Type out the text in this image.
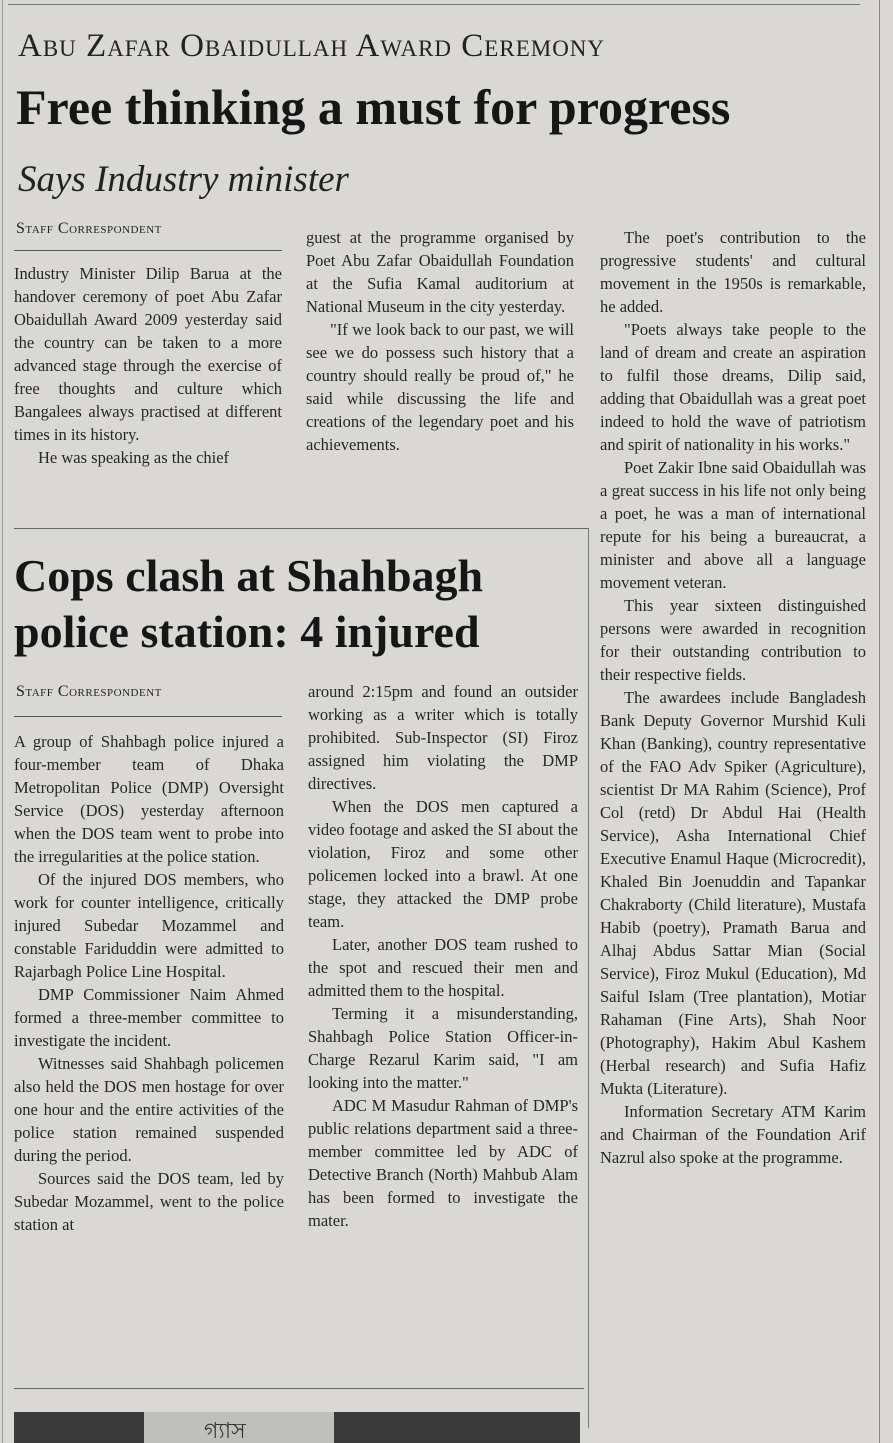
Abu Zafar Obaidullah Award Ceremony
Free thinking a must for progress
Says Industry minister
Staff Correspondent

Industry Minister Dilip Barua at the handover ceremony of poet Abu Zafar Obaidullah Award 2009 yesterday said the country can be taken to a more advanced stage through the exercise of free thoughts and culture which Bangalees always practised at different times in its history.

He was speaking as the chief

guest at the programme organised by Poet Abu Zafar Obaidullah Foundation at the Sufia Kamal auditorium at National Museum in the city yesterday.

"If we look back to our past, we will see we do possess such history that a country should really be proud of," he said while discussing the life and creations of the legendary poet and his achievements.

The poet's contribution to the progressive students' and cultural movement in the 1950s is remarkable, he added.

"Poets always take people to the land of dream and create an aspiration to fulfil those dreams, Dilip said, adding that Obaidullah was a great poet indeed to hold the wave of patriotism and spirit of nationality in his works."

Poet Zakir Ibne said Obaidullah was a great success in his life not only being a poet, he was a man of international repute for his being a bureaucrat, a minister and above all a language movement veteran.

This year sixteen distinguished persons were awarded in recognition for their outstanding contribution to their respective fields.

The awardees include Bangladesh Bank Deputy Governor Murshid Kuli Khan (Banking), country representative of the FAO Adv Spiker (Agriculture), scientist Dr MA Rahim (Science), Prof Col (retd) Dr Abdul Hai (Health Service), Asha International Chief Executive Enamul Haque (Microcredit), Khaled Bin Joenuddin and Tapankar Chakraborty (Child literature), Mustafa Habib (poetry), Pramath Barua and Alhaj Abdus Sattar Mian (Social Service), Firoz Mukul (Education), Md Saiful Islam (Tree plantation), Motiar Rahaman (Fine Arts), Shah Noor (Photography), Hakim Abul Kashem (Herbal research) and Sufia Hafiz Mukta (Literature).

Information Secretary ATM Karim and Chairman of the Foundation Arif Nazrul also spoke at the programme.

Cops clash at Shahbagh
police station: 4 injured
Staff Correspondent

A group of Shahbagh police injured a four-member team of Dhaka Metropolitan Police (DMP) Oversight Service (DOS) yesterday afternoon when the DOS team went to probe into the irregularities at the police station.

Of the injured DOS members, who work for counter intelligence, critically injured Subedar Mozammel and constable Fariduddin were admitted to Rajarbagh Police Line Hospital.

DMP Commissioner Naim Ahmed formed a three-member committee to investigate the incident.

Witnesses said Shahbagh policemen also held the DOS men hostage for over one hour and the entire activities of the police station remained suspended during the period.

Sources said the DOS team, led by Subedar Mozammel, went to the police station at

around 2:15pm and found an outsider working as a writer which is totally prohibited. Sub-Inspector (SI) Firoz assigned him violating the DMP directives.

When the DOS men captured a video footage and asked the SI about the violation, Firoz and some other policemen locked into a brawl. At one stage, they attacked the DMP probe team.

Later, another DOS team rushed to the spot and rescued their men and admitted them to the hospital.

Terming it a misunderstanding, Shahbagh Police Station Officer-in-Charge Rezarul Karim said, "I am looking into the matter."

ADC M Masudur Rahman of DMP's public relations department said a three-member committee led by ADC of Detective Branch (North) Mahbub Alam has been formed to investigate the mater.

গ্যাস
